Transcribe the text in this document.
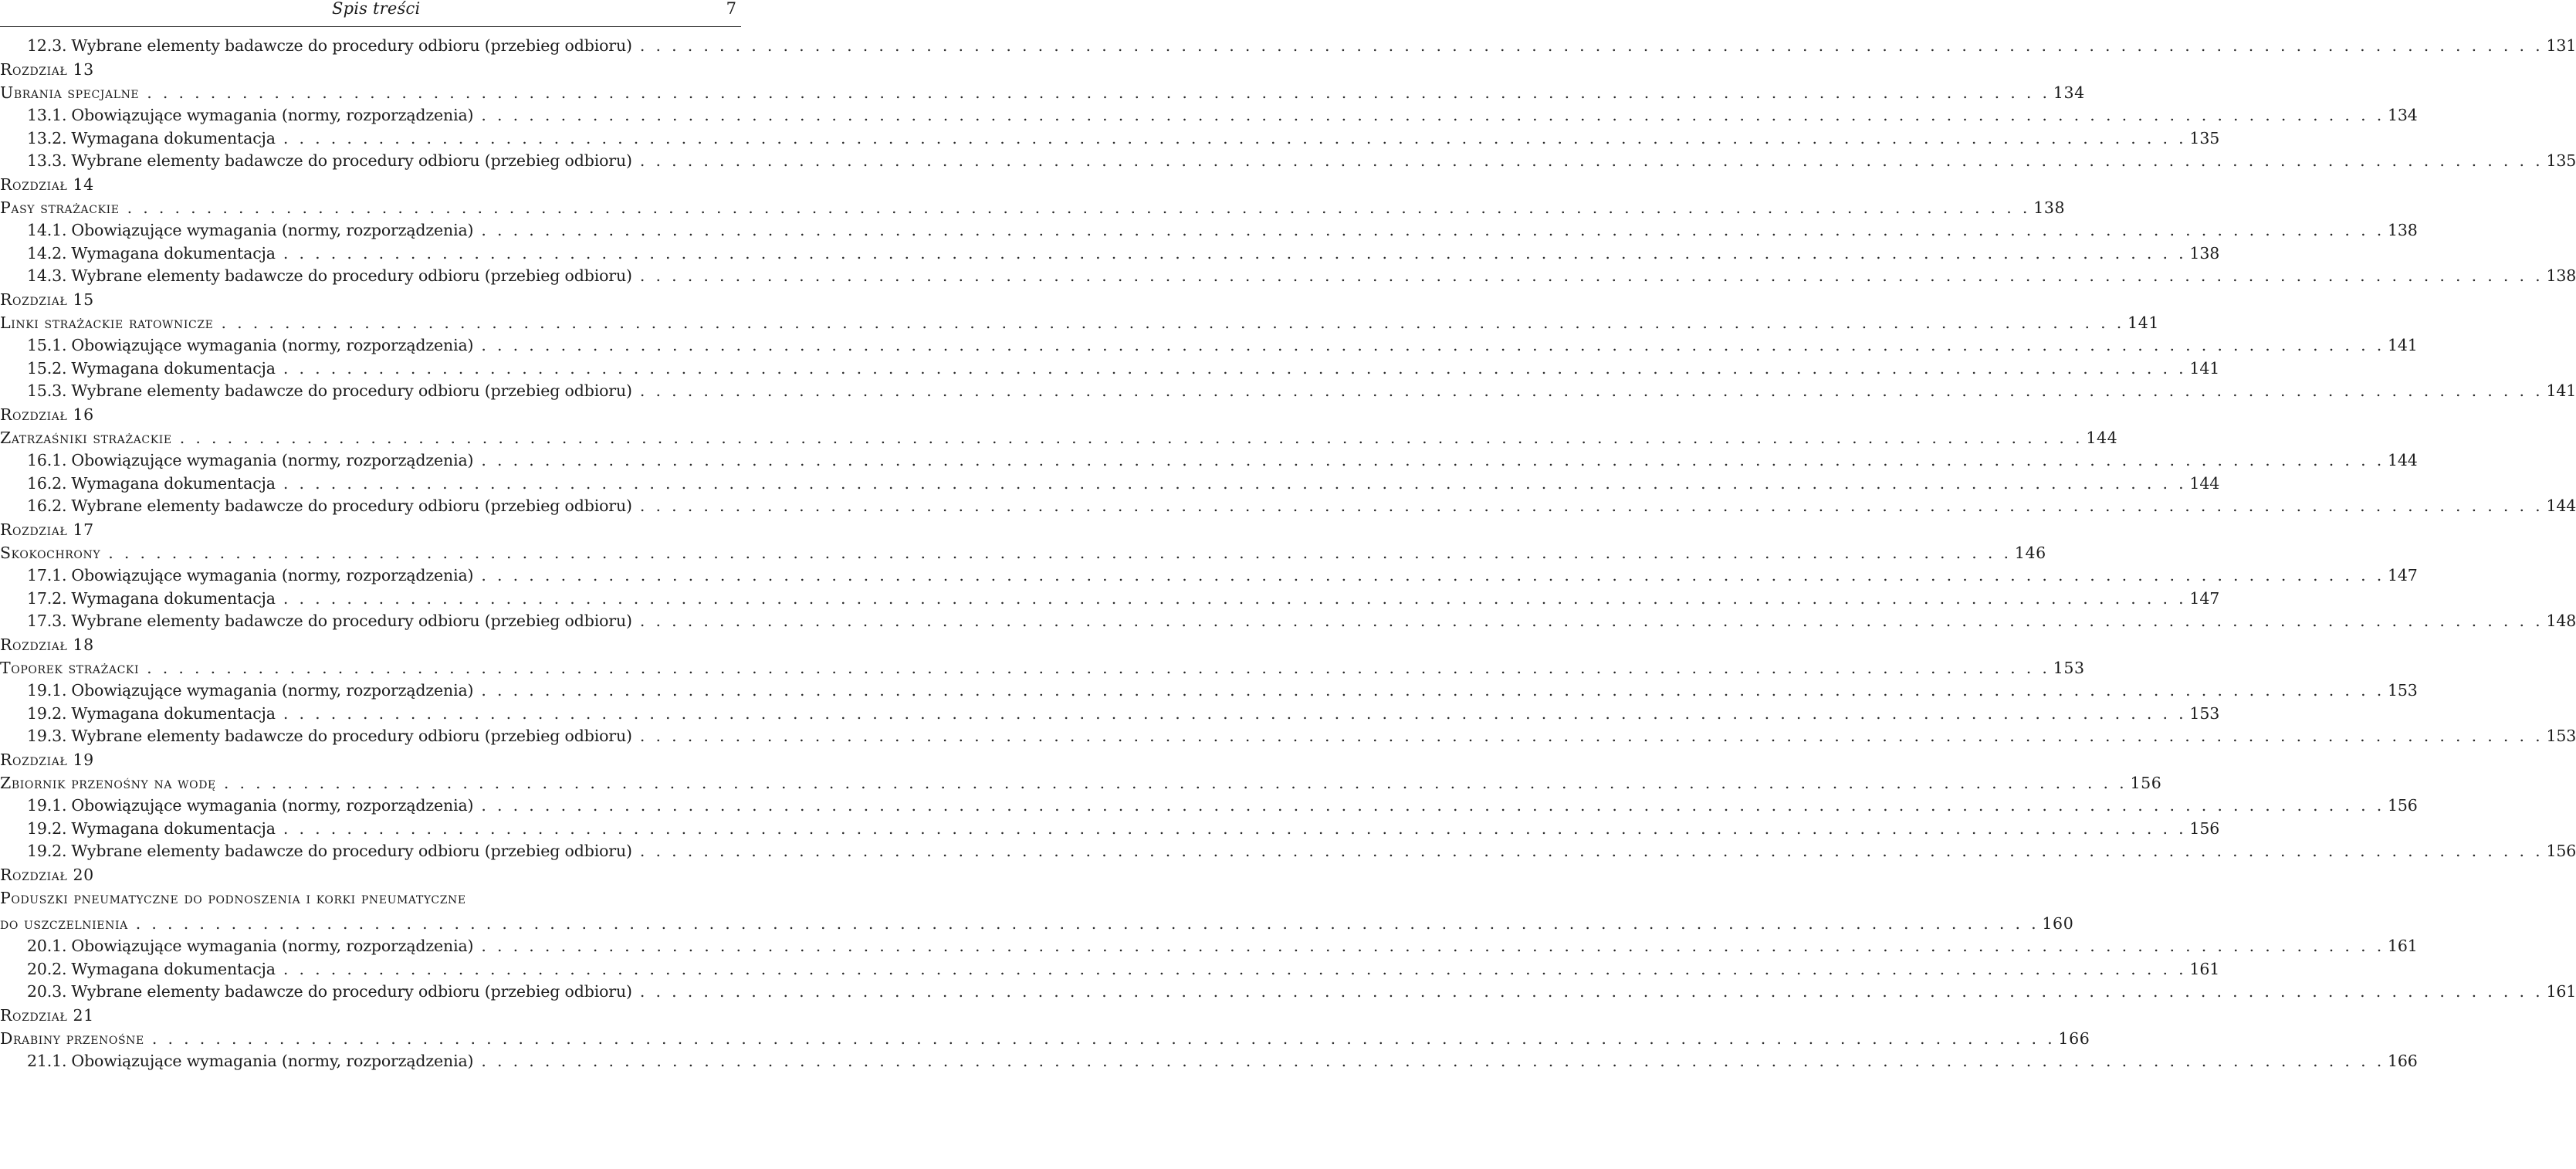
Spis treści	7
12.3. Wybrane elementy badawcze do procedury odbioru (przebieg odbioru) . . . . . . . . . . . . . . . . . . . . . . . . . . . . . . . . . . . . . . . . . . . . . . . . . . . . . . . . . . . . . . . . . . . . . . . . . . . . . . . . . . . . . . . . . . . . . . . . . . . . . . . . . . . . . . . . . . . . . . . . 131
Rozdział 13
Ubrania specjalne . . . . . . . . . . . . . . . . . . . . . . . . . . . . . . . . . . . . . . . . . . . . . . . . . . . . . . . . . . . . . . . . . . . . . . . . . . . . . . . . . . . . . . . . . . . . . . . . . . . . . . . . . . . . . . . . . . . . . . . . 134
13.1. Obowiązujące wymagania (normy, rozporządzenia) . . . . . . . . . . . . . . . . . . . . . . . . . . . . . . . . . . . . . . . . . . . . . . . . . . . . . . . . . . . . . . . . . . . . . . . . . . . . . . . . . . . . . . . . . . . . . . . . . . . . . . . . . . . . . . . . . . . . . . . . 134
13.2. Wymagana dokumentacja . . . . . . . . . . . . . . . . . . . . . . . . . . . . . . . . . . . . . . . . . . . . . . . . . . . . . . . . . . . . . . . . . . . . . . . . . . . . . . . . . . . . . . . . . . . . . . . . . . . . . . . . . . . . . . . . . . . . . . . . 135
13.3. Wybrane elementy badawcze do procedury odbioru (przebieg odbioru) . . . . . . . . . . . . . . . . . . . . . . . . . . . . . . . . . . . . . . . . . . . . . . . . . . . . . . . . . . . . . . . . . . . . . . . . . . . . . . . . . . . . . . . . . . . . . . . . . . . . . . . . . . . . . . . . . . . . . . . . 135
Rozdział 14
Pasy strażackie . . . . . . . . . . . . . . . . . . . . . . . . . . . . . . . . . . . . . . . . . . . . . . . . . . . . . . . . . . . . . . . . . . . . . . . . . . . . . . . . . . . . . . . . . . . . . . . . . . . . . . . . . . . . . . . . . . . . . . . . 138
14.1. Obowiązujące wymagania (normy, rozporządzenia) . . . . . . . . . . . . . . . . . . . . . . . . . . . . . . . . . . . . . . . . . . . . . . . . . . . . . . . . . . . . . . . . . . . . . . . . . . . . . . . . . . . . . . . . . . . . . . . . . . . . . . . . . . . . . . . . . . . . . . . . 138
14.2. Wymagana dokumentacja . . . . . . . . . . . . . . . . . . . . . . . . . . . . . . . . . . . . . . . . . . . . . . . . . . . . . . . . . . . . . . . . . . . . . . . . . . . . . . . . . . . . . . . . . . . . . . . . . . . . . . . . . . . . . . . . . . . . . . . . 138
14.3. Wybrane elementy badawcze do procedury odbioru (przebieg odbioru) . . . . . . . . . . . . . . . . . . . . . . . . . . . . . . . . . . . . . . . . . . . . . . . . . . . . . . . . . . . . . . . . . . . . . . . . . . . . . . . . . . . . . . . . . . . . . . . . . . . . . . . . . . . . . . . . . . . . . . . . 138
Rozdział 15
Linki strażackie ratownicze . . . . . . . . . . . . . . . . . . . . . . . . . . . . . . . . . . . . . . . . . . . . . . . . . . . . . . . . . . . . . . . . . . . . . . . . . . . . . . . . . . . . . . . . . . . . . . . . . . . . . . . . . . . . . . . . . . . . . . . . 141
15.1. Obowiązujące wymagania (normy, rozporządzenia) . . . . . . . . . . . . . . . . . . . . . . . . . . . . . . . . . . . . . . . . . . . . . . . . . . . . . . . . . . . . . . . . . . . . . . . . . . . . . . . . . . . . . . . . . . . . . . . . . . . . . . . . . . . . . . . . . . . . . . . . 141
15.2. Wymagana dokumentacja . . . . . . . . . . . . . . . . . . . . . . . . . . . . . . . . . . . . . . . . . . . . . . . . . . . . . . . . . . . . . . . . . . . . . . . . . . . . . . . . . . . . . . . . . . . . . . . . . . . . . . . . . . . . . . . . . . . . . . . . 141
15.3. Wybrane elementy badawcze do procedury odbioru (przebieg odbioru) . . . . . . . . . . . . . . . . . . . . . . . . . . . . . . . . . . . . . . . . . . . . . . . . . . . . . . . . . . . . . . . . . . . . . . . . . . . . . . . . . . . . . . . . . . . . . . . . . . . . . . . . . . . . . . . . . . . . . . . . 141
Rozdział 16
Zatrzaśniki strażackie . . . . . . . . . . . . . . . . . . . . . . . . . . . . . . . . . . . . . . . . . . . . . . . . . . . . . . . . . . . . . . . . . . . . . . . . . . . . . . . . . . . . . . . . . . . . . . . . . . . . . . . . . . . . . . . . . . . . . . . . 144
16.1. Obowiązujące wymagania (normy, rozporządzenia) . . . . . . . . . . . . . . . . . . . . . . . . . . . . . . . . . . . . . . . . . . . . . . . . . . . . . . . . . . . . . . . . . . . . . . . . . . . . . . . . . . . . . . . . . . . . . . . . . . . . . . . . . . . . . . . . . . . . . . . . 144
16.2. Wymagana dokumentacja . . . . . . . . . . . . . . . . . . . . . . . . . . . . . . . . . . . . . . . . . . . . . . . . . . . . . . . . . . . . . . . . . . . . . . . . . . . . . . . . . . . . . . . . . . . . . . . . . . . . . . . . . . . . . . . . . . . . . . . . 144
16.2. Wybrane elementy badawcze do procedury odbioru (przebieg odbioru) . . . . . . . . . . . . . . . . . . . . . . . . . . . . . . . . . . . . . . . . . . . . . . . . . . . . . . . . . . . . . . . . . . . . . . . . . . . . . . . . . . . . . . . . . . . . . . . . . . . . . . . . . . . . . . . . . . . . . . . . 144
Rozdział 17
Skokochrony . . . . . . . . . . . . . . . . . . . . . . . . . . . . . . . . . . . . . . . . . . . . . . . . . . . . . . . . . . . . . . . . . . . . . . . . . . . . . . . . . . . . . . . . . . . . . . . . . . . . . . . . . . . . . . . . . . . . . . . . 146
17.1. Obowiązujące wymagania (normy, rozporządzenia) . . . . . . . . . . . . . . . . . . . . . . . . . . . . . . . . . . . . . . . . . . . . . . . . . . . . . . . . . . . . . . . . . . . . . . . . . . . . . . . . . . . . . . . . . . . . . . . . . . . . . . . . . . . . . . . . . . . . . . . . 147
17.2. Wymagana dokumentacja . . . . . . . . . . . . . . . . . . . . . . . . . . . . . . . . . . . . . . . . . . . . . . . . . . . . . . . . . . . . . . . . . . . . . . . . . . . . . . . . . . . . . . . . . . . . . . . . . . . . . . . . . . . . . . . . . . . . . . . . 147
17.3. Wybrane elementy badawcze do procedury odbioru (przebieg odbioru) . . . . . . . . . . . . . . . . . . . . . . . . . . . . . . . . . . . . . . . . . . . . . . . . . . . . . . . . . . . . . . . . . . . . . . . . . . . . . . . . . . . . . . . . . . . . . . . . . . . . . . . . . . . . . . . . . . . . . . . . 148
Rozdział 18
Toporek strażacki . . . . . . . . . . . . . . . . . . . . . . . . . . . . . . . . . . . . . . . . . . . . . . . . . . . . . . . . . . . . . . . . . . . . . . . . . . . . . . . . . . . . . . . . . . . . . . . . . . . . . . . . . . . . . . . . . . . . . . . . 153
19.1. Obowiązujące wymagania (normy, rozporządzenia) . . . . . . . . . . . . . . . . . . . . . . . . . . . . . . . . . . . . . . . . . . . . . . . . . . . . . . . . . . . . . . . . . . . . . . . . . . . . . . . . . . . . . . . . . . . . . . . . . . . . . . . . . . . . . . . . . . . . . . . . 153
19.2. Wymagana dokumentacja . . . . . . . . . . . . . . . . . . . . . . . . . . . . . . . . . . . . . . . . . . . . . . . . . . . . . . . . . . . . . . . . . . . . . . . . . . . . . . . . . . . . . . . . . . . . . . . . . . . . . . . . . . . . . . . . . . . . . . . . 153
19.3. Wybrane elementy badawcze do procedury odbioru (przebieg odbioru) . . . . . . . . . . . . . . . . . . . . . . . . . . . . . . . . . . . . . . . . . . . . . . . . . . . . . . . . . . . . . . . . . . . . . . . . . . . . . . . . . . . . . . . . . . . . . . . . . . . . . . . . . . . . . . . . . . . . . . . . 153
Rozdział 19
Zbiornik przenośny na wodę . . . . . . . . . . . . . . . . . . . . . . . . . . . . . . . . . . . . . . . . . . . . . . . . . . . . . . . . . . . . . . . . . . . . . . . . . . . . . . . . . . . . . . . . . . . . . . . . . . . . . . . . . . . . . . . . . . . . . . . . 156
19.1. Obowiązujące wymagania (normy, rozporządzenia) . . . . . . . . . . . . . . . . . . . . . . . . . . . . . . . . . . . . . . . . . . . . . . . . . . . . . . . . . . . . . . . . . . . . . . . . . . . . . . . . . . . . . . . . . . . . . . . . . . . . . . . . . . . . . . . . . . . . . . . . 156
19.2. Wymagana dokumentacja . . . . . . . . . . . . . . . . . . . . . . . . . . . . . . . . . . . . . . . . . . . . . . . . . . . . . . . . . . . . . . . . . . . . . . . . . . . . . . . . . . . . . . . . . . . . . . . . . . . . . . . . . . . . . . . . . . . . . . . . 156
19.2. Wybrane elementy badawcze do procedury odbioru (przebieg odbioru) . . . . . . . . . . . . . . . . . . . . . . . . . . . . . . . . . . . . . . . . . . . . . . . . . . . . . . . . . . . . . . . . . . . . . . . . . . . . . . . . . . . . . . . . . . . . . . . . . . . . . . . . . . . . . . . . . . . . . . . . 156
Rozdział 20
Poduszki pneumatyczne do podnoszenia i korki pneumatyczne
do uszczelnienia . . . . . . . . . . . . . . . . . . . . . . . . . . . . . . . . . . . . . . . . . . . . . . . . . . . . . . . . . . . . . . . . . . . . . . . . . . . . . . . . . . . . . . . . . . . . . . . . . . . . . . . . . . . . . . . . . . . . . . . . 160
20.1. Obowiązujące wymagania (normy, rozporządzenia) . . . . . . . . . . . . . . . . . . . . . . . . . . . . . . . . . . . . . . . . . . . . . . . . . . . . . . . . . . . . . . . . . . . . . . . . . . . . . . . . . . . . . . . . . . . . . . . . . . . . . . . . . . . . . . . . . . . . . . . . 161
20.2. Wymagana dokumentacja . . . . . . . . . . . . . . . . . . . . . . . . . . . . . . . . . . . . . . . . . . . . . . . . . . . . . . . . . . . . . . . . . . . . . . . . . . . . . . . . . . . . . . . . . . . . . . . . . . . . . . . . . . . . . . . . . . . . . . . . 161
20.3. Wybrane elementy badawcze do procedury odbioru (przebieg odbioru) . . . . . . . . . . . . . . . . . . . . . . . . . . . . . . . . . . . . . . . . . . . . . . . . . . . . . . . . . . . . . . . . . . . . . . . . . . . . . . . . . . . . . . . . . . . . . . . . . . . . . . . . . . . . . . . . . . . . . . . . 161
Rozdział 21
Drabiny przenośne . . . . . . . . . . . . . . . . . . . . . . . . . . . . . . . . . . . . . . . . . . . . . . . . . . . . . . . . . . . . . . . . . . . . . . . . . . . . . . . . . . . . . . . . . . . . . . . . . . . . . . . . . . . . . . . . . . . . . . . . 166
21.1. Obowiązujące wymagania (normy, rozporządzenia) . . . . . . . . . . . . . . . . . . . . . . . . . . . . . . . . . . . . . . . . . . . . . . . . . . . . . . . . . . . . . . . . . . . . . . . . . . . . . . . . . . . . . . . . . . . . . . . . . . . . . . . . . . . . . . . . . . . . . . . . 166
